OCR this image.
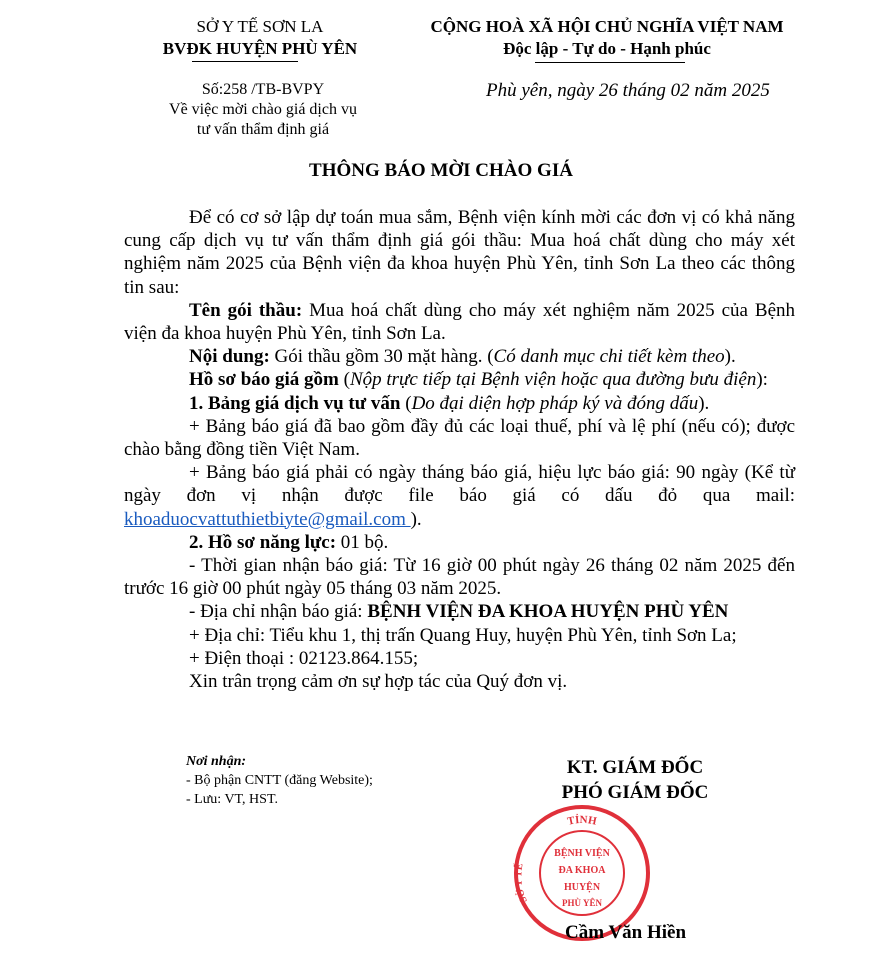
SỞ Y TẾ SƠN LA
BVĐK HUYỆN PHÙ YÊN
CỘNG HOÀ XÃ HỘI CHỦ NGHĨA VIỆT NAM
Độc lập - Tự do - Hạnh phúc
Số:258 /TB-BVPY
Về việc mời chào giá dịch vụ
tư vấn thẩm định giá
Phù yên, ngày 26 tháng 02 năm 2025
THÔNG BÁO MỜI CHÀO GIÁ

Để có cơ sở lập dự toán mua sắm, Bệnh viện kính mời các đơn vị có khả năng cung cấp dịch vụ tư vấn thẩm định giá gói thầu: Mua hoá chất dùng cho máy xét nghiệm năm 2025 của Bệnh viện đa khoa huyện Phù Yên, tỉnh Sơn La theo các thông tin sau:

Tên gói thầu: Mua hoá chất dùng cho máy xét nghiệm năm 2025 của Bệnh viện đa khoa huyện Phù Yên, tỉnh Sơn La.

Nội dung: Gói thầu gồm 30 mặt hàng. (Có danh mục chi tiết kèm theo).

Hồ sơ báo giá gồm (Nộp trực tiếp tại Bệnh viện hoặc qua đường bưu điện):

1. Bảng giá dịch vụ tư vấn (Do đại diện hợp pháp ký và đóng dấu).

+ Bảng báo giá đã bao gồm đầy đủ các loại thuế, phí và lệ phí (nếu có); được chào bằng đồng tiền Việt Nam.

+ Bảng báo giá phải có ngày tháng báo giá, hiệu lực báo giá: 90 ngày (Kể từ ngày đơn vị nhận được file báo giá có dấu đỏ qua mail: khoaduocvattuthietbiyte@gmail.com ).

2. Hồ sơ năng lực: 01 bộ.

- Thời gian nhận báo giá: Từ 16 giờ 00 phút ngày 26 tháng 02 năm 2025 đến trước 16 giờ 00 phút ngày 05 tháng 03 năm 2025.

- Địa chỉ nhận báo giá: BỆNH VIỆN ĐA KHOA HUYỆN PHÙ YÊN

+ Địa chỉ: Tiểu khu 1, thị trấn Quang Huy, huyện Phù Yên, tỉnh Sơn La;

+ Điện thoại : 02123.864.155;

Xin trân trọng cảm ơn sự hợp tác của Quý đơn vị.

Nơi nhận:
- Bộ phận CNTT (đăng Website);
- Lưu: VT, HST.
KT. GIÁM ĐỐC
PHÓ GIÁM ĐỐC
TỈNH
SỞ Y TẾ
BỆNH VIỆN
ĐA KHOA
HUYỆN
PHÙ YÊN
Cầm Văn Hiền
